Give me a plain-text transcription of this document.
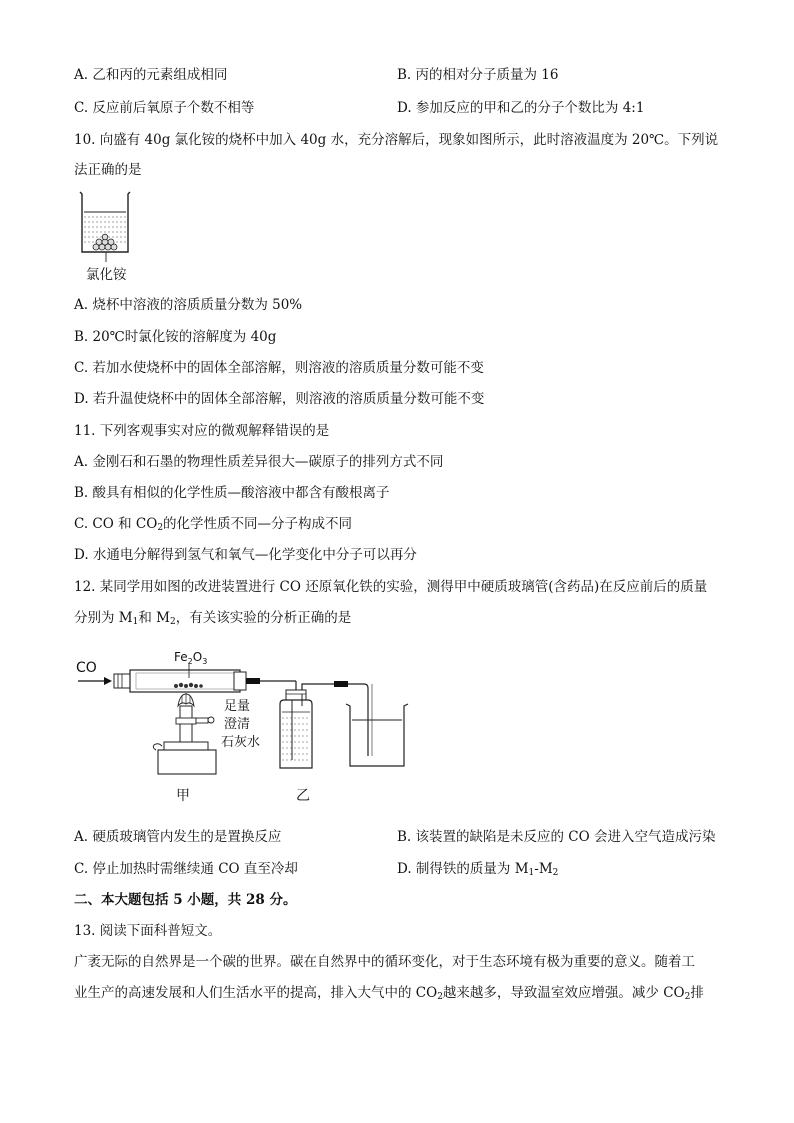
A. 乙和丙的元素组成相同	B. 丙的相对分子质量为 16
C. 反应前后氧原子个数不相等	D. 参加反应的甲和乙的分子个数比为 4:1
10. 向盛有 40g 氯化铵的烧杯中加入 40g 水，充分溶解后，现象如图所示，此时溶液温度为 20℃。下列说
法正确的是
氯化铵
A. 烧杯中溶液的溶质质量分数为 50%
B. 20℃时氯化铵的溶解度为 40g
C. 若加水使烧杯中的固体全部溶解，则溶液的溶质质量分数可能不变
D. 若升温使烧杯中的固体全部溶解，则溶液的溶质质量分数可能不变
11. 下列客观事实对应的微观解释错误的是
A. 金刚石和石墨的物理性质差异很大—碳原子的排列方式不同
B. 酸具有相似的化学性质—酸溶液中都含有酸根离子
C. CO 和 $CO_2$的化学性质不同—分子构成不同
D. 水通电分解得到氢气和氧气—化学变化中分子可以再分
12. 某同学用如图的改进装置进行 CO 还原氧化铁的实验，测得甲中硬质玻璃管(含药品)在反应前后的质量
分别为 $M_1$和 $M_2$，有关该实验的分析正确的是
CO
$Fe_2O_3$
足量
澄清
石灰水
甲	乙
A. 硬质玻璃管内发生的是置换反应	B. 该装置的缺陷是未反应的 CO 会进入空气造成污染
C. 停止加热时需继续通 CO 直至冷却	D. 制得铁的质量为 $M_1-M_2$
二、本大题包括 5 小题，共 28 分。
13. 阅读下面科普短文。
广袤无际的自然界是一个碳的世界。碳在自然界中的循环变化，对于生态环境有极为重要的意义。随着工
业生产的高速发展和人们生活水平的提高，排入大气中的 $CO_2$越来越多，导致温室效应增强。减少 $CO_2$排
